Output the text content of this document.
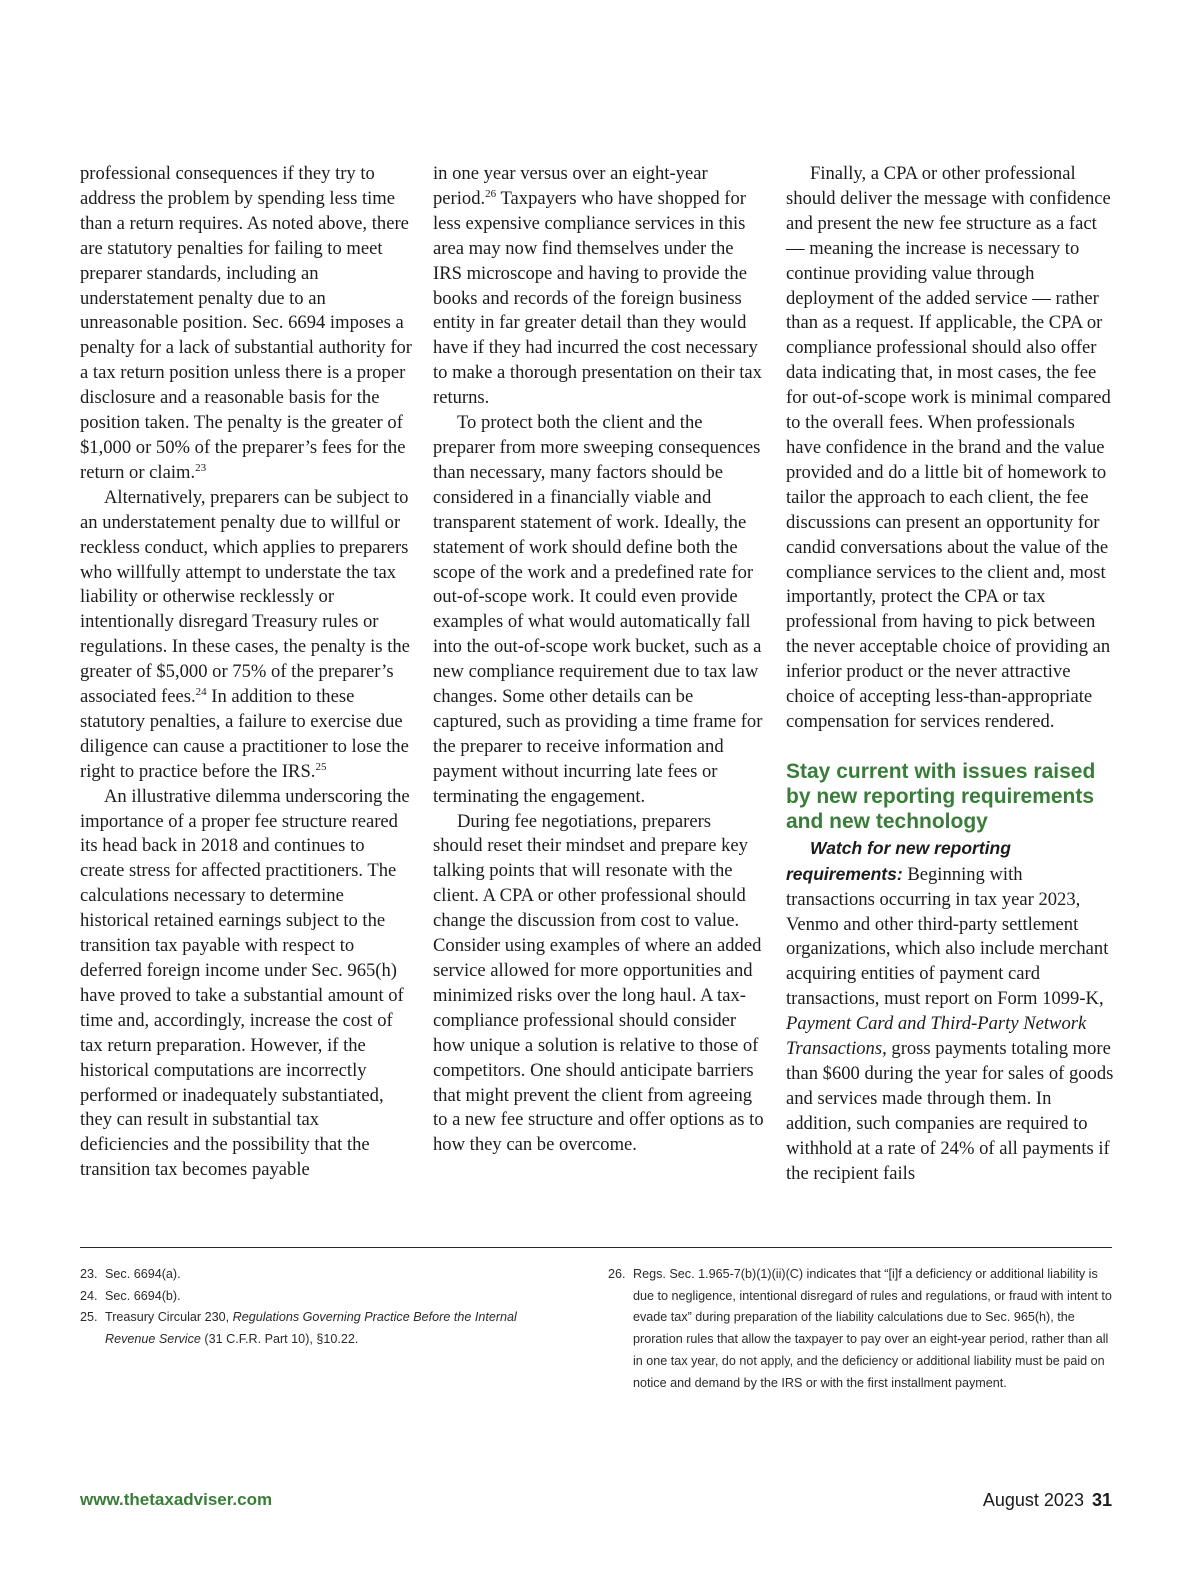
professional consequences if they try to address the problem by spending less time than a return requires. As noted above, there are statutory penalties for failing to meet preparer standards, including an understatement penalty due to an unreasonable position. Sec. 6694 imposes a penalty for a lack of substantial authority for a tax return position unless there is a proper disclosure and a reasonable basis for the position taken. The penalty is the greater of $1,000 or 50% of the preparer’s fees for the return or claim.$^{23}$

Alternatively, preparers can be subject to an understatement penalty due to willful or reckless conduct, which applies to preparers who willfully attempt to understate the tax liability or otherwise recklessly or intentionally disregard Treasury rules or regulations. In these cases, the penalty is the greater of $5,000 or 75% of the preparer’s associated fees.$^{24}$ In addition to these statutory penalties, a failure to exercise due diligence can cause a practitioner to lose the right to practice before the IRS.$^{25}$

An illustrative dilemma underscoring the importance of a proper fee structure reared its head back in 2018 and continues to create stress for affected practitioners. The calculations necessary to determine historical retained earnings subject to the transition tax payable with respect to deferred foreign income under Sec. 965(h) have proved to take a substantial amount of time and, accordingly, increase the cost of tax return preparation. However, if the historical computations are incorrectly performed or inadequately substantiated, they can result in substantial tax deficiencies and the possibility that the transition tax becomes payable

in one year versus over an eight-year period.$^{26}$ Taxpayers who have shopped for less expensive compliance services in this area may now find themselves under the IRS microscope and having to provide the books and records of the foreign business entity in far greater detail than they would have if they had incurred the cost necessary to make a thorough presentation on their tax returns.

To protect both the client and the preparer from more sweeping consequences than necessary, many factors should be considered in a financially viable and transparent statement of work. Ideally, the statement of work should define both the scope of the work and a predefined rate for out-of-scope work. It could even provide examples of what would automatically fall into the out-of-scope work bucket, such as a new compliance requirement due to tax law changes. Some other details can be captured, such as providing a time frame for the preparer to receive information and payment without incurring late fees or terminating the engagement.

During fee negotiations, preparers should reset their mindset and prepare key talking points that will resonate with the client. A CPA or other professional should change the discussion from cost to value. Consider using examples of where an added service allowed for more opportunities and minimized risks over the long haul. A tax-compliance professional should consider how unique a solution is relative to those of competitors. One should anticipate barriers that might prevent the client from agreeing to a new fee structure and offer options as to how they can be overcome.

Finally, a CPA or other professional should deliver the message with confidence and present the new fee structure as a fact — meaning the increase is necessary to continue providing value through deployment of the added service — rather than as a request. If applicable, the CPA or compliance professional should also offer data indicating that, in most cases, the fee for out-of-scope work is minimal compared to the overall fees. When professionals have confidence in the brand and the value provided and do a little bit of homework to tailor the approach to each client, the fee discussions can present an opportunity for candid conversations about the value of the compliance services to the client and, most importantly, protect the CPA or tax professional from having to pick between the never acceptable choice of providing an inferior product or the never attractive choice of accepting less-than-appropriate compensation for services rendered.

Stay current with issues raised by new reporting requirements and new technology

Watch for new reporting requirements: Beginning with transactions occurring in tax year 2023, Venmo and other third-party settlement organizations, which also include merchant acquiring entities of payment card transactions, must report on Form 1099-K, Payment Card and Third-Party Network Transactions, gross payments totaling more than $600 during the year for sales of goods and services made through them. In addition, such companies are required to withhold at a rate of 24% of all payments if the recipient fails

23. Sec. 6694(a).
24. Sec. 6694(b).
25. Treasury Circular 230, Regulations Governing Practice Before the Internal Revenue Service (31 C.F.R. Part 10), §10.22.
26. Regs. Sec. 1.965-7(b)(1)(ii)(C) indicates that “[i]f a deficiency or additional liability is due to negligence, intentional disregard of rules and regulations, or fraud with intent to evade tax” during preparation of the liability calculations due to Sec. 965(h), the proration rules that allow the taxpayer to pay over an eight-year period, rather than all in one tax year, do not apply, and the deficiency or additional liability must be paid on notice and demand by the IRS or with the first installment payment.
www.thetaxadviser.com	August 2023 31
